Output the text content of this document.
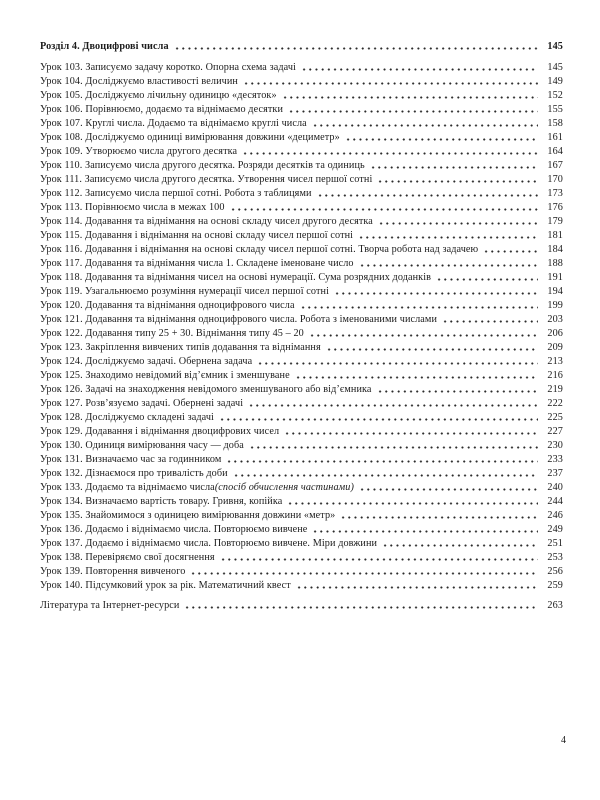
Розділ 4. Двоцифрові числа	145
Урок 103. Записуємо задачу коротко. Опорна схема задачі	145
Урок 104. Досліджуємо властивості величин	149
Урок 105. Досліджуємо лічильну одиницю «десяток»	152
Урок 106. Порівнюємо, додаємо та віднімаємо десятки	155
Урок 107. Круглі числа. Додаємо та віднімаємо круглі числа	158
Урок 108. Досліджуємо одиниці вимірювання довжини «дециметр»	161
Урок 109. Утворюємо числа другого десятка	164
Урок 110. Записуємо числа другого десятка. Розряди десятків та одиниць	167
Урок 111. Записуємо числа другого десятка. Утворення чисел першої сотні	170
Урок 112. Записуємо числа першої сотні. Робота з таблицями	173
Урок 113. Порівнюємо числа в межах 100	176
Урок 114. Додавання та віднімання на основі складу чисел другого десятка	179
Урок 115. Додавання і віднімання на основі складу чисел першої сотні	181
Урок 116. Додавання і віднімання на основі складу чисел першої сотні. Творча робота над задачею	184
Урок 117. Додавання та віднімання числа 1. Складене іменоване число	188
Урок 118. Додавання та віднімання чисел на основі нумерації. Сума розрядних доданків	191
Урок 119. Узагальнюємо розуміння нумерації чисел першої сотні	194
Урок 120. Додавання та віднімання одноцифрового числа	199
Урок 121. Додавання та віднімання одноцифрового числа. Робота з іменованими числами	203
Урок 122. Додавання типу 25 + 30. Віднімання типу 45 – 20	206
Урок 123. Закріплення вивчених типів додавання та віднімання	209
Урок 124. Досліджуємо задачі. Обернена задача	213
Урок 125. Знаходимо невідомий від’ємник і зменшуване	216
Урок 126. Задачі на знаходження невідомого зменшуваного або від’ємника	219
Урок 127. Розв’язуємо задачі. Обернені задачі	222
Урок 128. Досліджуємо складені задачі	225
Урок 129. Додавання і віднімання двоцифрових чисел	227
Урок 130. Одиниця вимірювання часу — доба	230
Урок 131. Визначаємо час за годинником	233
Урок 132. Дізнаємося про тривалість доби	237
Урок 133. Додаємо та віднімаємо числа (спосіб обчислення частинами)	240
Урок 134. Визначаємо вартість товару. Гривня, копійка	244
Урок 135. Знайомимося з одиницею вимірювання довжини «метр»	246
Урок 136. Додаємо і віднімаємо числа. Повторюємо вивчене	249
Урок 137. Додаємо і віднімаємо числа. Повторюємо вивчене. Міри довжини	251
Урок 138. Перевіряємо свої досягнення	253
Урок 139. Повторення вивченого	256
Урок 140. Підсумковий урок за рік. Математичний квест	259
Література та Інтернет-ресурси	263
4
